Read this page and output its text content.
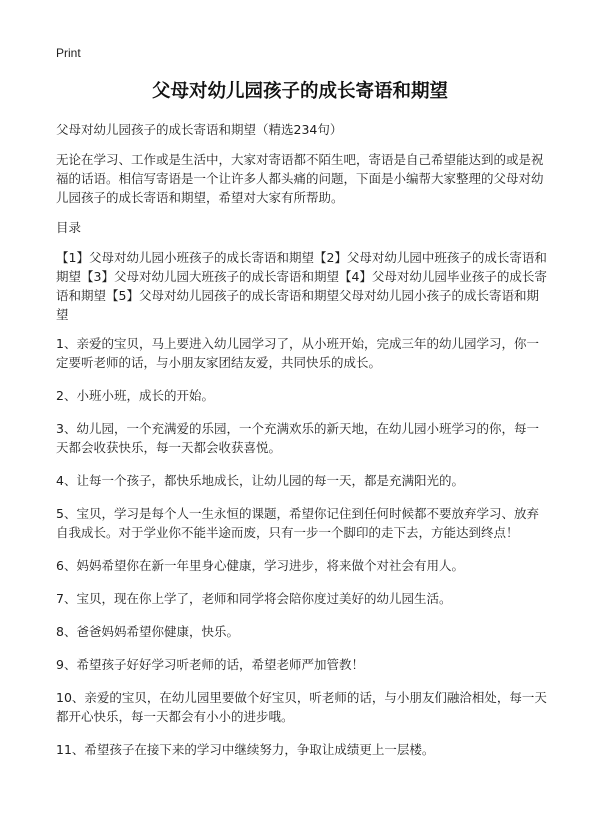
Print
父母对幼儿园孩子的成长寄语和期望

父母对幼儿园孩子的成长寄语和期望（精选234句）

无论在学习、工作或是生活中，大家对寄语都不陌生吧，寄语是自己希望能达到的或是祝福的话语。相信写寄语是一个让许多人都头痛的问题，下面是小编帮大家整理的父母对幼儿园孩子的成长寄语和期望，希望对大家有所帮助。

目录

【1】父母对幼儿园小班孩子的成长寄语和期望【2】父母对幼儿园中班孩子的成长寄语和期望【3】父母对幼儿园大班孩子的成长寄语和期望【4】父母对幼儿园毕业孩子的成长寄语和期望【5】父母对幼儿园孩子的成长寄语和期望父母对幼儿园小孩子的成长寄语和期望

1、亲爱的宝贝，马上要进入幼儿园学习了，从小班开始，完成三年的幼儿园学习，你一定要听老师的话，与小朋友家团结友爱，共同快乐的成长。
2、小班小班，成长的开始。
3、幼儿园，一个充满爱的乐园，一个充满欢乐的新天地，在幼儿园小班学习的你，每一天都会收获快乐，每一天都会收获喜悦。
4、让每一个孩子，都快乐地成长，让幼儿园的每一天，都是充满阳光的。
5、宝贝，学习是每个人一生永恒的课题，希望你记住到任何时候都不要放弃学习、放弃自我成长。对于学业你不能半途而废，只有一步一个脚印的走下去，方能达到终点！
6、妈妈希望你在新一年里身心健康，学习进步，将来做个对社会有用人。
7、宝贝，现在你上学了，老师和同学将会陪你度过美好的幼儿园生活。
8、爸爸妈妈希望你健康，快乐。
9、希望孩子好好学习听老师的话，希望老师严加管教！
10、亲爱的宝贝，在幼儿园里要做个好宝贝，听老师的话，与小朋友们融洽相处，每一天都开心快乐，每一天都会有小小的进步哦。
11、希望孩子在接下来的学习中继续努力，争取让成绩更上一层楼。
